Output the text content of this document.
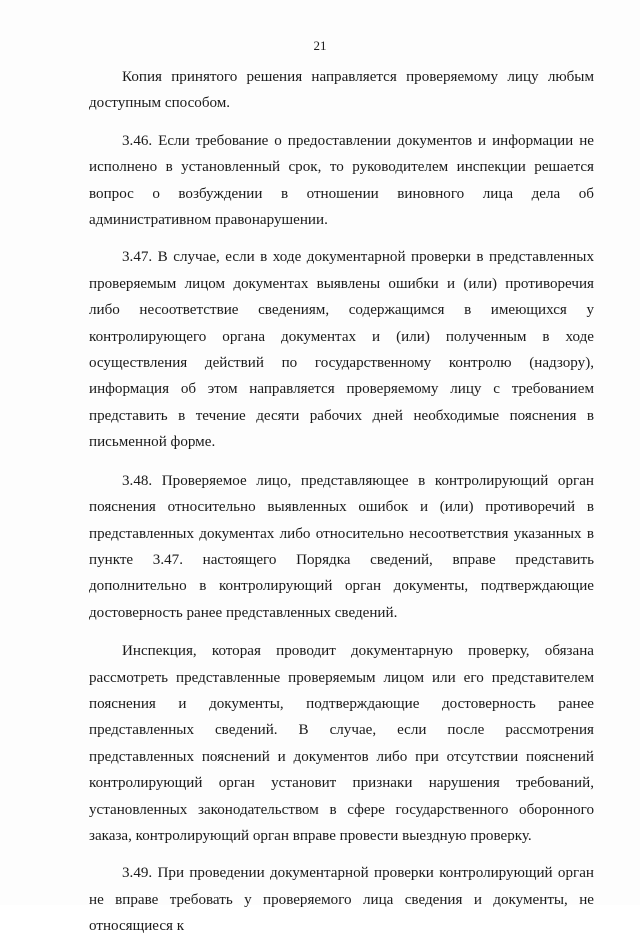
21

Копия принятого решения направляется проверяемому лицу любым доступным способом.

3.46. Если требование о предоставлении документов и информации не исполнено в установленный срок, то руководителем инспекции решается вопрос о возбуждении в отношении виновного лица дела об административном правонарушении.

3.47. В случае, если в ходе документарной проверки в представленных проверяемым лицом документах выявлены ошибки и (или) противоречия либо несоответствие сведениям, содержащимся в имеющихся у контролирующего органа документах и (или) полученным в ходе осуществления действий по государственному контролю (надзору), информация об этом направляется проверяемому лицу с требованием представить в течение десяти рабочих дней необходимые пояснения в письменной форме.

3.48. Проверяемое лицо, представляющее в контролирующий орган пояснения относительно выявленных ошибок и (или) противоречий в представленных документах либо относительно несоответствия указанных в пункте 3.47. настоящего Порядка сведений, вправе представить дополнительно в контролирующий орган документы, подтверждающие достоверность ранее представленных сведений.

Инспекция, которая проводит документарную проверку, обязана рассмотреть представленные проверяемым лицом или его представителем пояснения и документы, подтверждающие достоверность ранее представленных сведений. В случае, если после рассмотрения представленных пояснений и документов либо при отсутствии пояснений контролирующий орган установит признаки нарушения требований, установленных законодательством в сфере государственного оборонного заказа, контролирующий орган вправе провести выездную проверку.

3.49. При проведении документарной проверки контролирующий орган не вправе требовать у проверяемого лица сведения и документы, не относящиеся к
